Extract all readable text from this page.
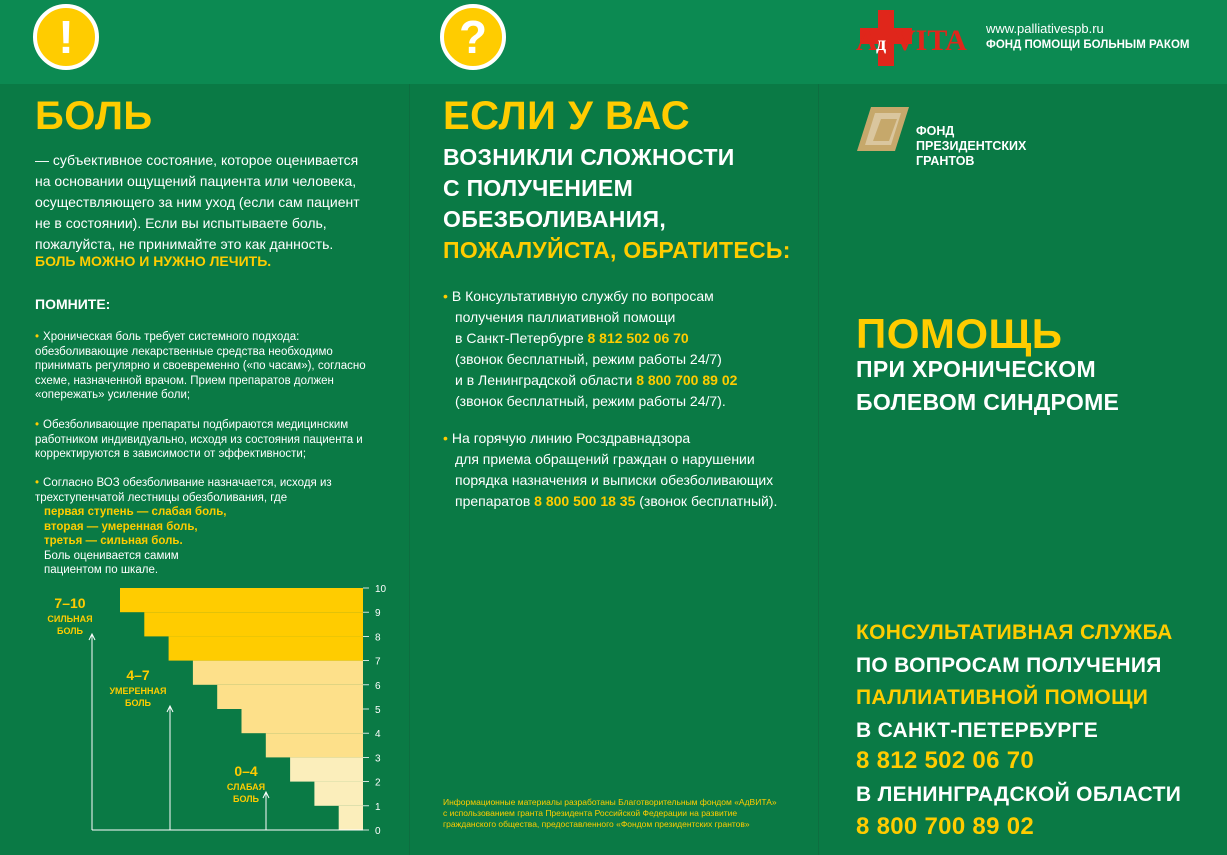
!	?	A
д VITA www.palliativespb.ru
ФОНД ПОМОЩИ БОЛЬНЫМ РАКОМ
БОЛЬ
— субъективное состояние, которое оценивается на основании ощущений пациента или человека, осуществляющего за ним уход (если сам пациент не в состоянии). Если вы испытываете боль, пожалуйста, не принимайте это как данность.
БОЛЬ МОЖНО И НУЖНО ЛЕЧИТЬ.
ПОМНИТЕ:
• Хроническая боль требует системного подхода: обезболивающие лекарственные средства необходимо принимать регулярно и своевременно («по часам»), согласно схеме, назначенной врачом. Прием препаратов должен «опережать» усиление боли;
• Обезболивающие препараты подбираются медицинским работником индивидуально, исходя из состояния пациента и корректируются в зависимости от эффективности;
• Согласно ВОЗ обезболивание назначается, исходя из трехступенчатой лестницы обезболивания, где
первая ступень — слабая боль,
вторая — умеренная боль,
третья — сильная боль.
Боль оценивается самим пациентом по шкале.
0
1
2
3
4
5
6
7
8
9
10
7–10
СИЛЬНАЯ
БОЛЬ
4–7
УМЕРЕННАЯ
БОЛЬ
0–4
СЛАБАЯ
БОЛЬ
ЕСЛИ У ВАС
ВОЗНИКЛИ СЛОЖНОСТИ
С ПОЛУЧЕНИЕМ
ОБЕЗБОЛИВАНИЯ,
ПОЖАЛУЙСТА, ОБРАТИТЕСЬ:
• В Консультативную службу по вопросам
получения паллиативной помощи
в Санкт-Петербурге 8 812 502 06 70
(звонок бесплатный, режим работы 24/7)
и в Ленинградской области 8 800 700 89 02
(звонок бесплатный, режим работы 24/7).
• На горячую линию Росздравнадзора
для приема обращений граждан о нарушении
порядка назначения и выписки обезболивающих
препаратов 8 800 500 18 35 (звонок бесплатный).
Информационные материалы разработаны Благотворительным фондом «АдВИТА» с использованием гранта Президента Российской Федерации на развитие гражданского общества, предоставленного «Фондом президентских грантов»
ФОНД
ПРЕЗИДЕНТСКИХ
ГРАНТОВ
ПОМОЩЬ
ПРИ ХРОНИЧЕСКОМ
БОЛЕВОМ СИНДРОМЕ
КОНСУЛЬТАТИВНАЯ СЛУЖБА
ПО ВОПРОСАМ ПОЛУЧЕНИЯ
ПАЛЛИАТИВНОЙ ПОМОЩИ
В САНКТ-ПЕТЕРБУРГЕ
8 812 502 06 70
В ЛЕНИНГРАДСКОЙ ОБЛАСТИ
8 800 700 89 02
